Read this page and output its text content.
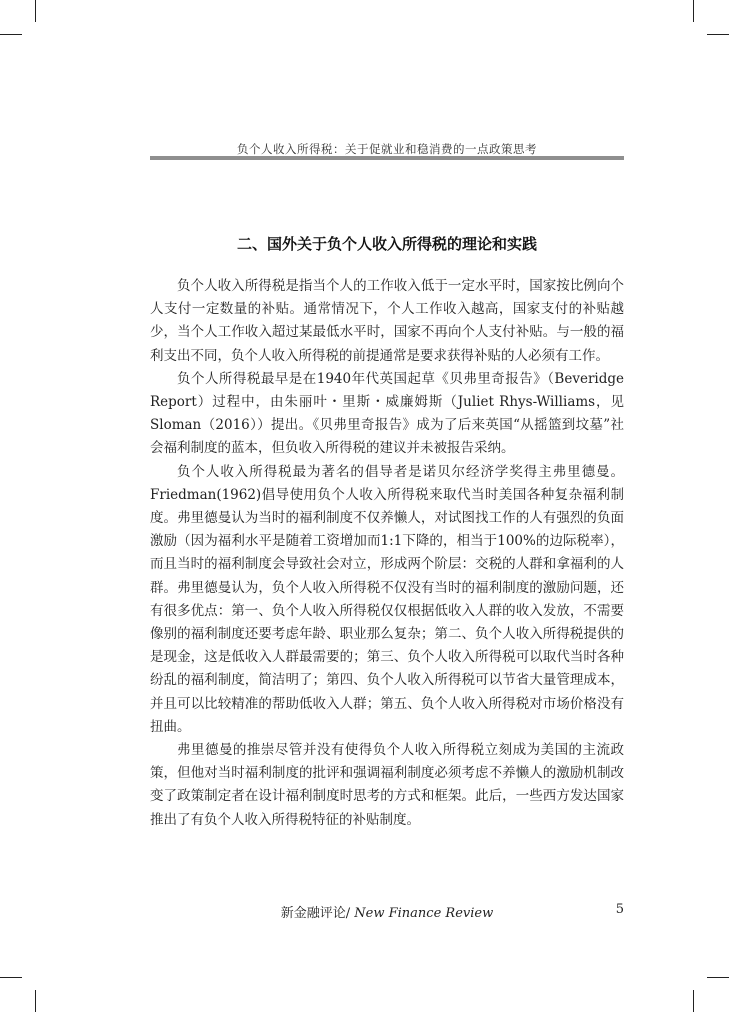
负个人收入所得税：关于促就业和稳消费的一点政策思考
二、国外关于负个人收入所得税的理论和实践

负个人收入所得税是指当个人的工作收入低于一定水平时，国家按比例向个人支付一定数量的补贴。通常情况下，个人工作收入越高，国家支付的补贴越少，当个人工作收入超过某最低水平时，国家不再向个人支付补贴。与一般的福利支出不同，负个人收入所得税的前提通常是要求获得补贴的人必须有工作。

负个人所得税最早是在1940年代英国起草《贝弗里奇报告》（Beveridge Report）过程中，由朱丽叶・里斯・威廉姆斯（Juliet Rhys-Williams，见Sloman（2016））提出。《贝弗里奇报告》成为了后来英国“从摇篮到坟墓”社会福利制度的蓝本，但负收入所得税的建议并未被报告采纳。

负个人收入所得税最为著名的倡导者是诺贝尔经济学奖得主弗里德曼。Friedman(1962)倡导使用负个人收入所得税来取代当时美国各种复杂福利制度。弗里德曼认为当时的福利制度不仅养懒人，对试图找工作的人有强烈的负面激励（因为福利水平是随着工资增加而1:1下降的，相当于100%的边际税率），而且当时的福利制度会导致社会对立，形成两个阶层：交税的人群和拿福利的人群。弗里德曼认为，负个人收入所得税不仅没有当时的福利制度的激励问题，还有很多优点：第一、负个人收入所得税仅仅根据低收入人群的收入发放，不需要像别的福利制度还要考虑年龄、职业那么复杂；第二、负个人收入所得税提供的是现金，这是低收入人群最需要的；第三、负个人收入所得税可以取代当时各种纷乱的福利制度，简洁明了；第四、负个人收入所得税可以节省大量管理成本，并且可以比较精准的帮助低收入人群；第五、负个人收入所得税对市场价格没有扭曲。

弗里德曼的推崇尽管并没有使得负个人收入所得税立刻成为美国的主流政策，但他对当时福利制度的批评和强调福利制度必须考虑不养懒人的激励机制改变了政策制定者在设计福利制度时思考的方式和框架。此后，一些西方发达国家推出了有负个人收入所得税特征的补贴制度。

新金融评论/ New Finance Review	5
